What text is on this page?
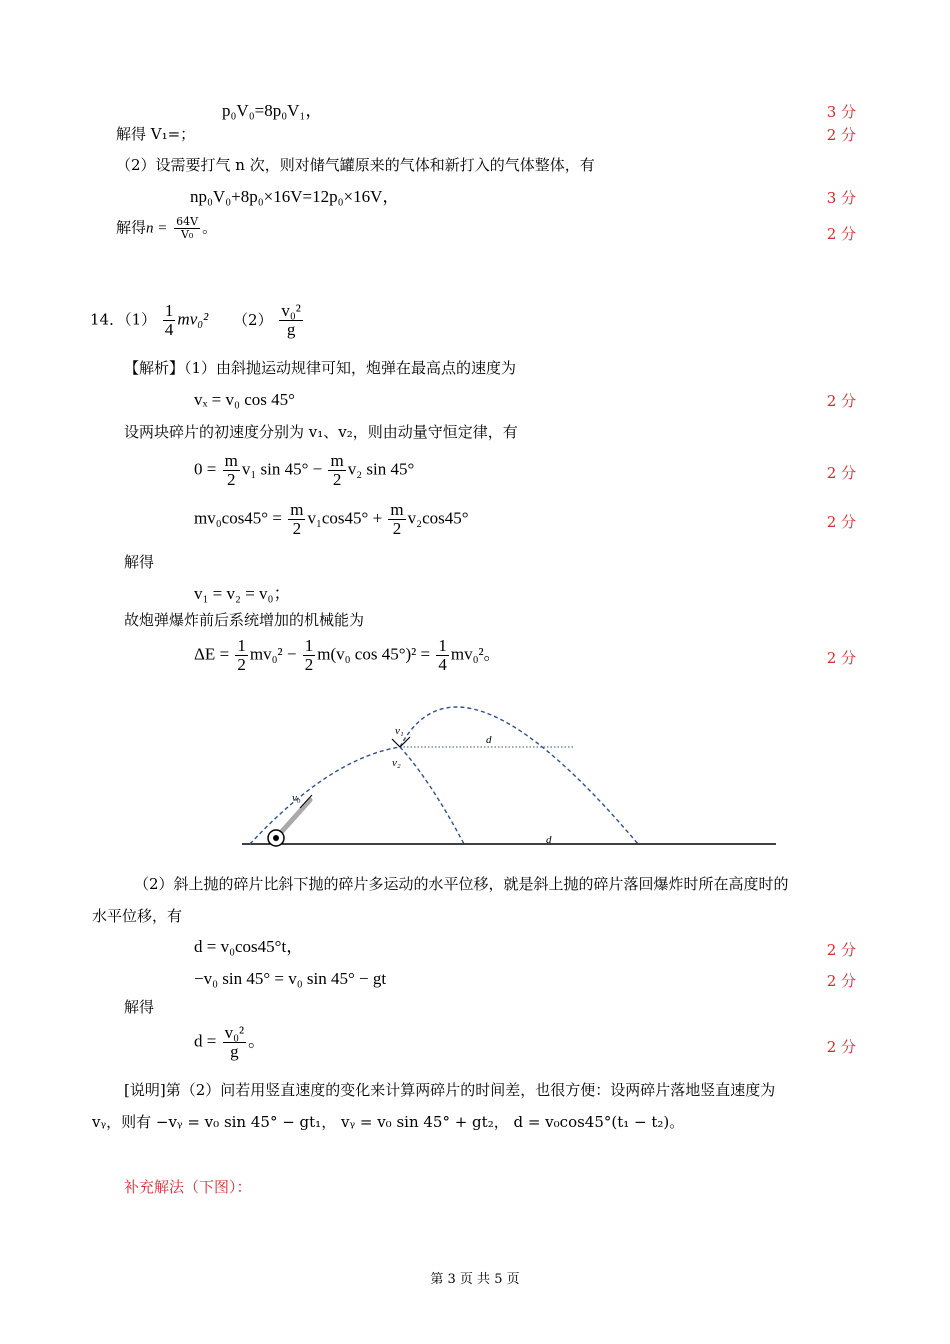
p₀V₀=8p₀V₁，	3 分
解得 V₁=；	2 分
（2）设需要打气 n 次，则对储气罐原来的气体和新打入的气体整体，有
np₀V₀+8p₀×16V=12p₀×16V，	3 分
解得$n = \frac{64V}{\text{V₀}}$ 。	2 分
14．$(1) \frac{1}{4} mv_0^2$ $(2) \frac{\text{v₀²}}{g}$
【解析】（1）由斜抛运动规律可知，炮弹在最高点的速度为
vₓ = v₀ cos 45°	2 分
设两块碎片的初速度分别为 v₁、v₂，则由动量守恒定律，有
$0 = \frac{m}{2} v_1$ $\sin 45^\circ - \frac{m}{2} v_2$ sin 45°	2 分
$mv_0\cos 45^\circ = \frac{m}{2} v_1\cos 45^\circ + \frac{m}{2} v_2\cos 45^\circ$	2 分
解得
v₁ = v₂ = v₀；
故炮弹爆炸前后系统增加的机械能为
$\Delta E = \frac{1}{2} mv_0^2 - \frac{1}{2} m(v_0$ $\cos 45^\circ)^2 = \frac{1}{4} mv_0^2$。	2 分
v₁
v₂
v₀
d
d
（2）斜上抛的碎片比斜下抛的碎片多运动的水平位移，就是斜上抛的碎片落回爆炸时所在高度时的
水平位移，有
d = v₀cos45°t，	2 分
−v₀ sin 45° = v₀ sin 45° − gt	2 分
解得
$d = \frac{\text{v₀²}}{g}$ 。	2 分
[说明]第（2）问若用竖直速度的变化来计算两碎片的时间差，也很方便：设两碎片落地竖直速度为
vᵧ，则有 −vᵧ = v₀ sin 45° − gt₁， vᵧ = v₀ sin 45° + gt₂， d = v₀cos45°(t₁ − t₂)。
补充解法（下图）：
第 3 页 共 5 页
